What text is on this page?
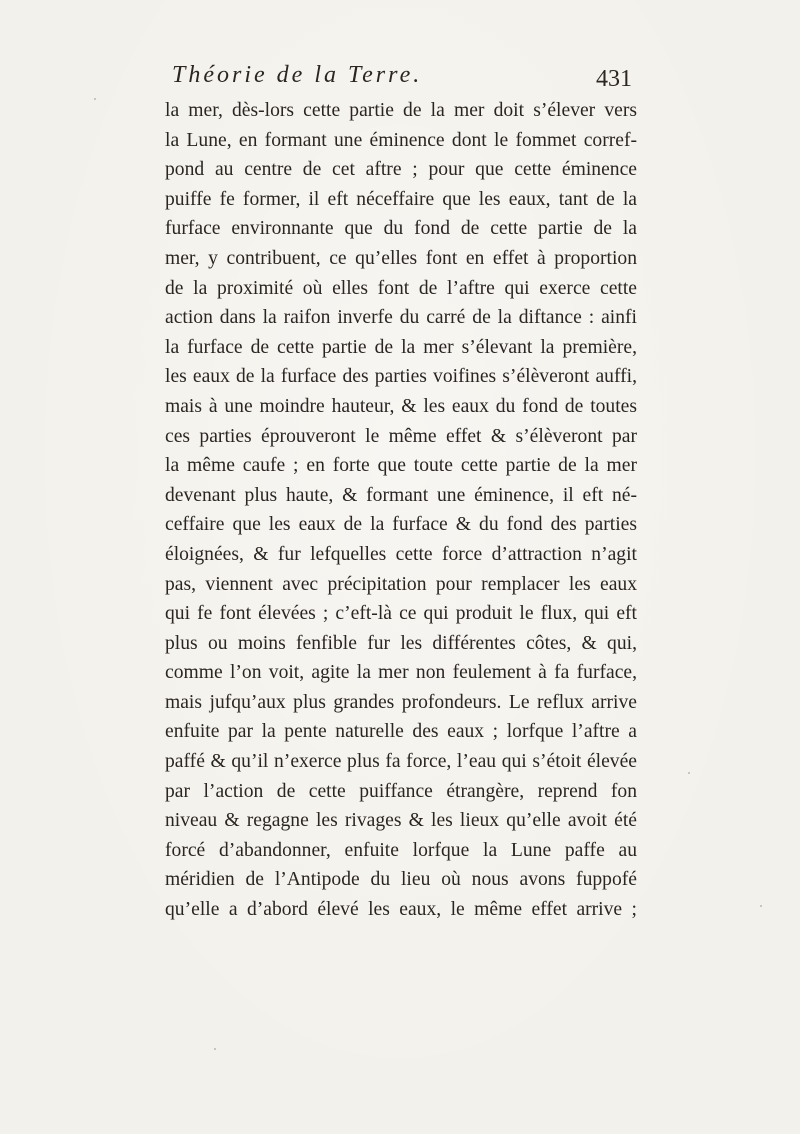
Théorie de la Terre.	431
la mer, dès-lors cette partie de la mer doit s’élever vers
la Lune, en formant une éminence dont le fommet corref-
pond au centre de cet aftre ; pour que cette éminence
puiffe fe former, il eft néceffaire que les eaux, tant de la
furface environnante que du fond de cette partie de la
mer, y contribuent, ce qu’elles font en effet à proportion
de la proximité où elles font de l’aftre qui exerce cette
action dans la raifon inverfe du carré de la diftance : ainfi
la furface de cette partie de la mer s’élevant la première,
les eaux de la furface des parties voifines s’élèveront auffi,
mais à une moindre hauteur, & les eaux du fond de toutes
ces parties éprouveront le même effet & s’élèveront par
la même caufe ; en forte que toute cette partie de la mer
devenant plus haute, & formant une éminence, il eft né-
ceffaire que les eaux de la furface & du fond des parties
éloignées, & fur lefquelles cette force d’attraction n’agit
pas, viennent avec précipitation pour remplacer les eaux
qui fe font élevées ; c’eft-là ce qui produit le flux, qui eft
plus ou moins fenfible fur les différentes côtes, & qui,
comme l’on voit, agite la mer non feulement à fa furface,
mais jufqu’aux plus grandes profondeurs. Le reflux arrive
enfuite par la pente naturelle des eaux ; lorfque l’aftre a
paffé & qu’il n’exerce plus fa force, l’eau qui s’étoit élevée
par l’action de cette puiffance étrangère, reprend fon
niveau & regagne les rivages & les lieux qu’elle avoit été
forcé d’abandonner, enfuite lorfque la Lune paffe au
méridien de l’Antipode du lieu où nous avons fuppofé
qu’elle a d’abord élevé les eaux, le même effet arrive ;
